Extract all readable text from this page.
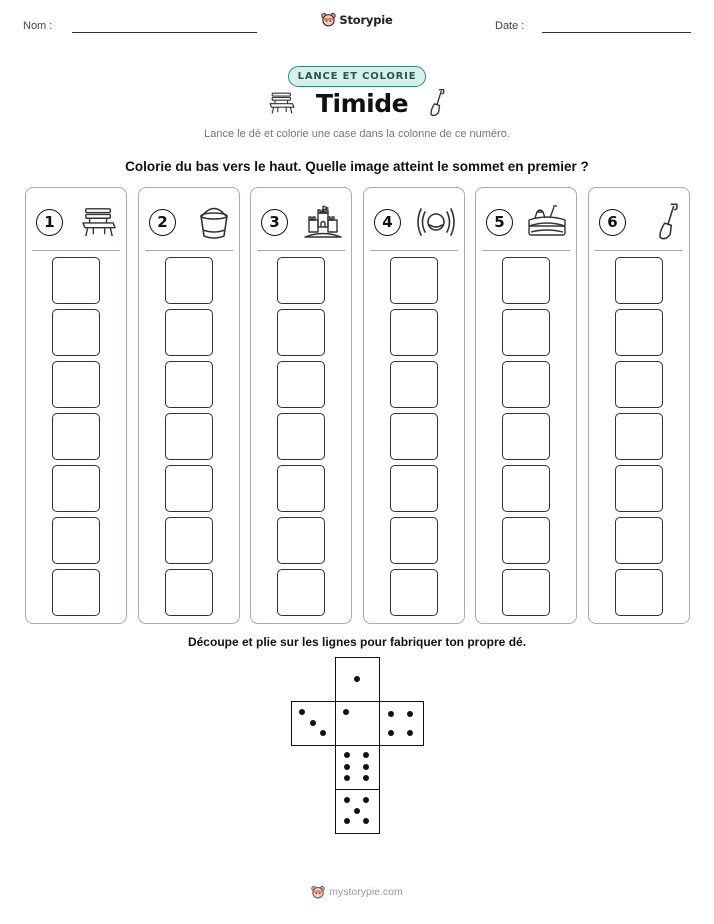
Nom :	Date :
Storypie
LANCE ET COLORIE
Timide
Lance le dé et colorie une case dans la colonne de ce numéro.
Colorie du bas vers le haut. Quelle image atteint le sommet en premier ?
1	2	3	4	5	6
Découpe et plie sur les lignes pour fabriquer ton propre dé.
mystorypie.com
